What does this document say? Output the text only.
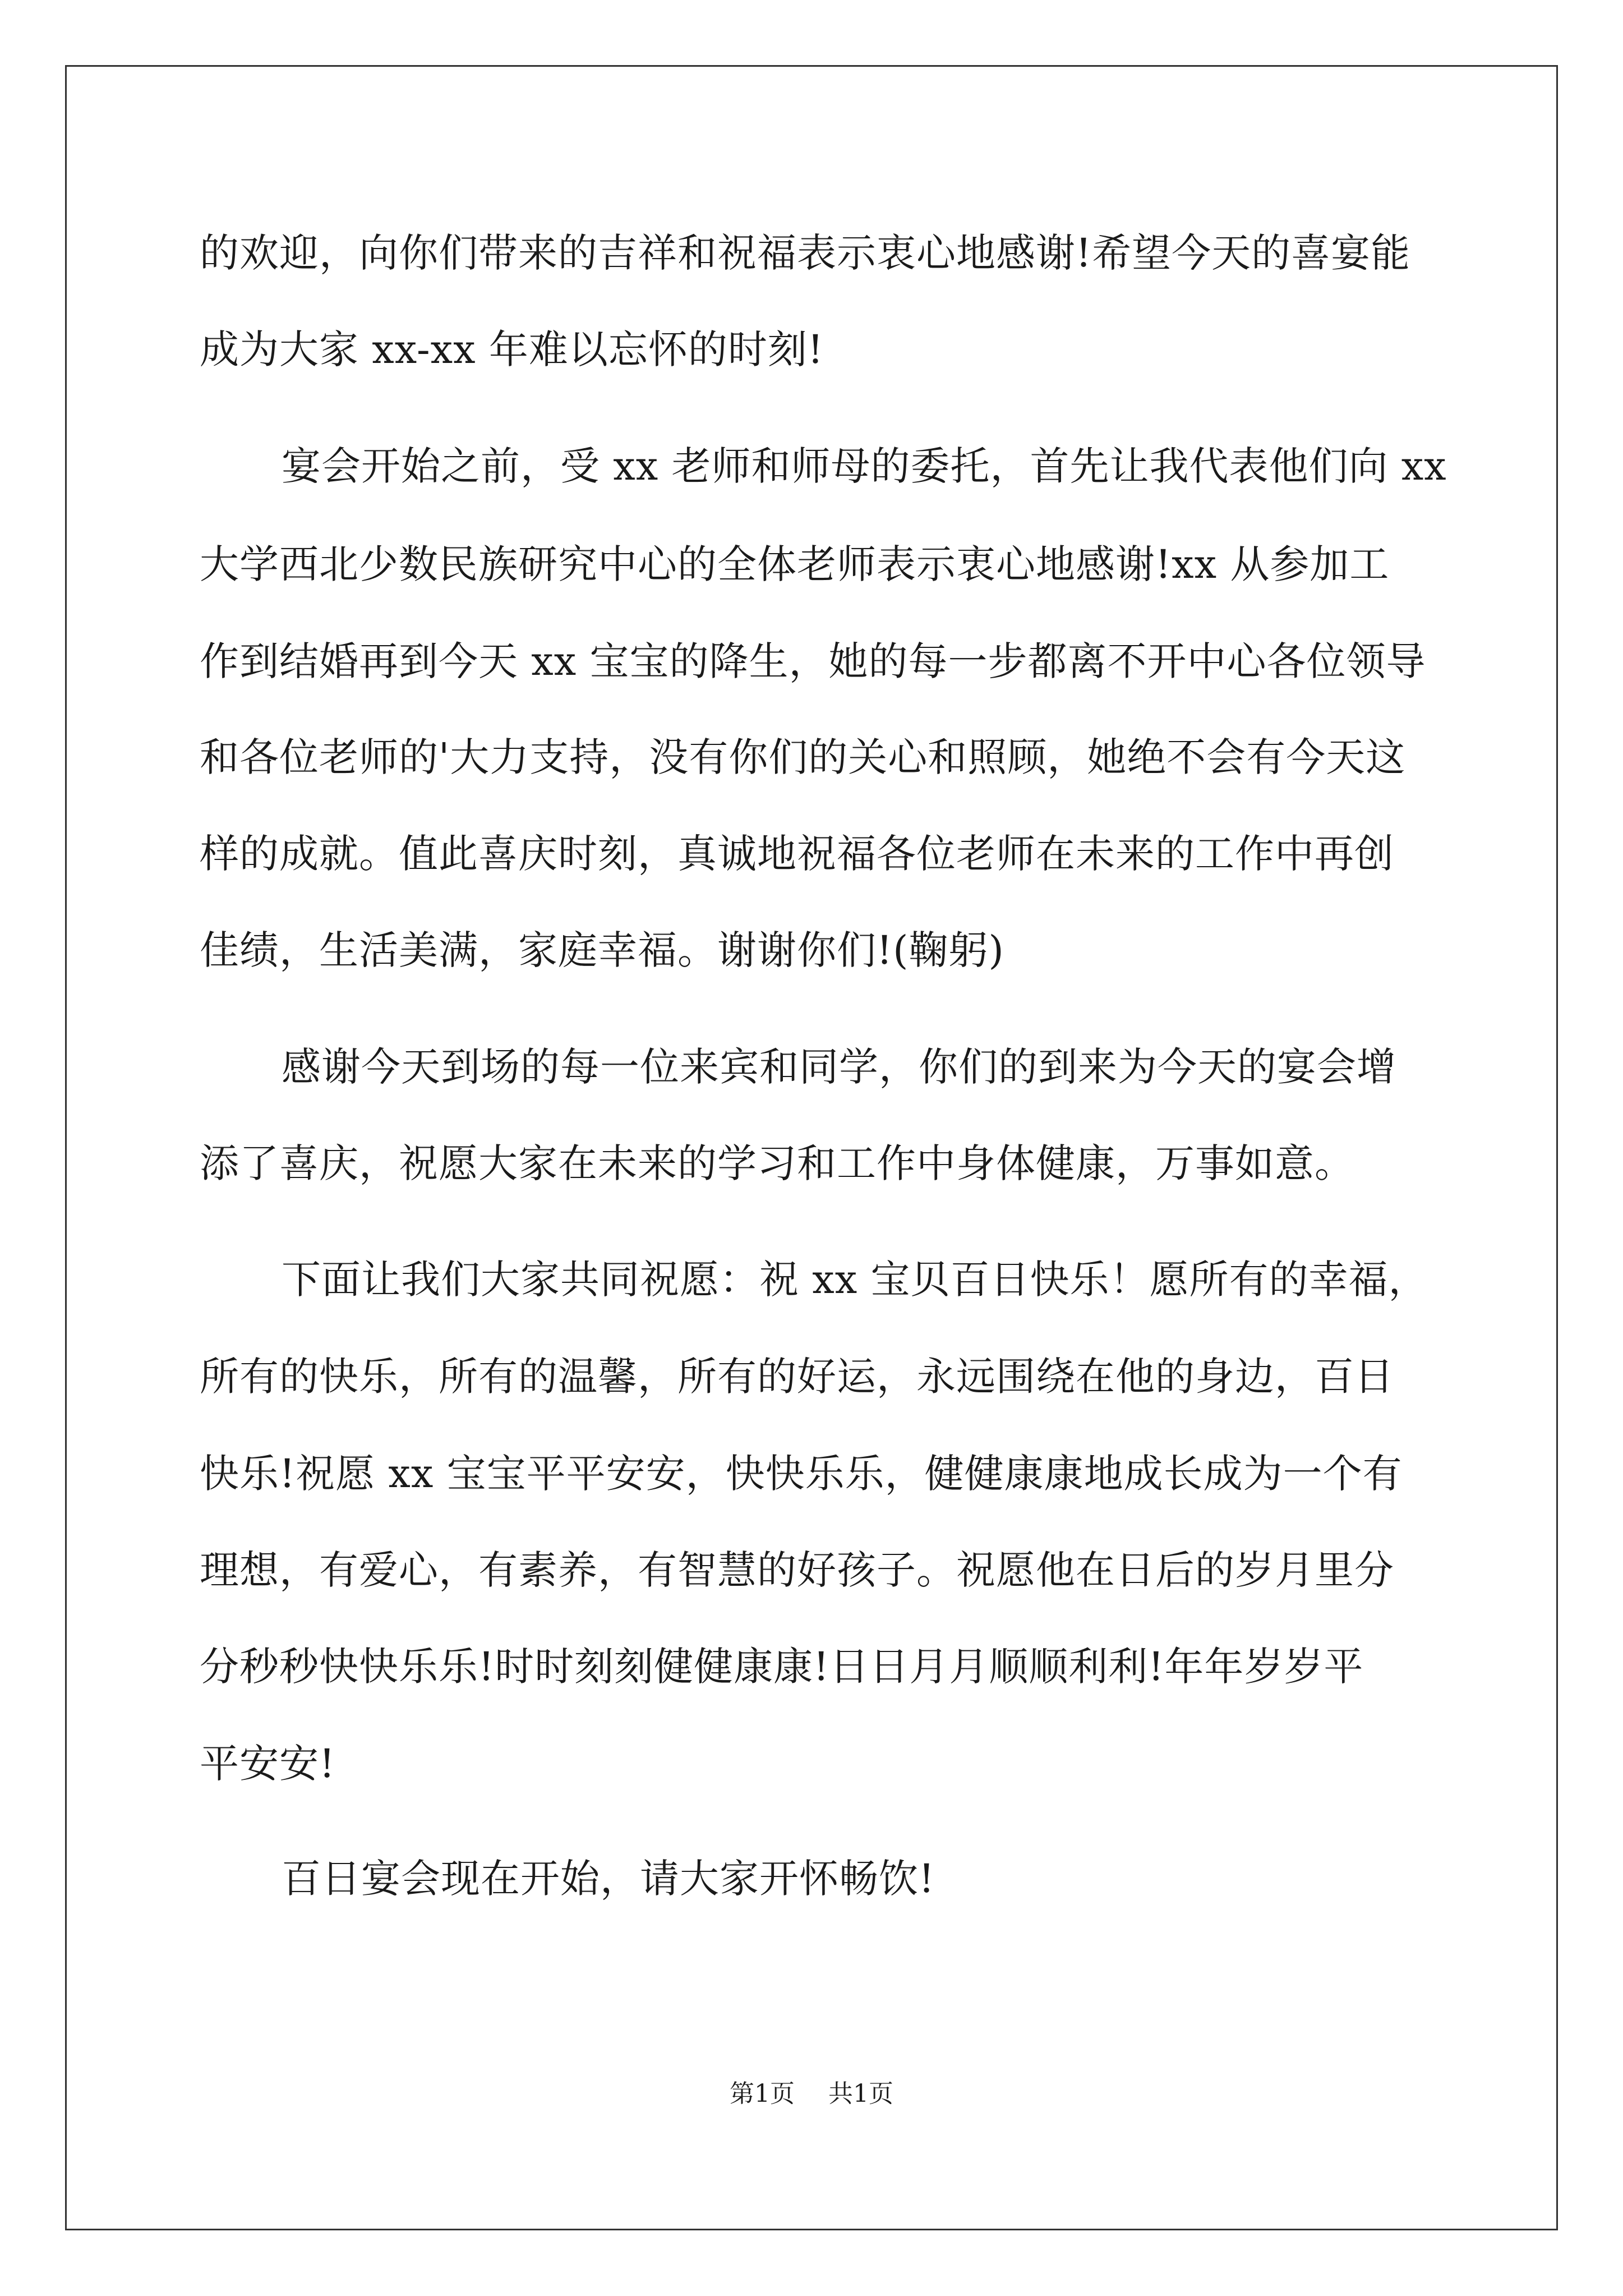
的欢迎，向你们带来的吉祥和祝福表示衷心地感谢!希望今天的喜宴能
成为大家 xx-xx 年难以忘怀的时刻!
宴会开始之前，受 xx 老师和师母的委托，首先让我代表他们向 xx
大学西北少数民族研究中心的全体老师表示衷心地感谢!xx 从参加工
作到结婚再到今天 xx 宝宝的降生，她的每一步都离不开中心各位领导
和各位老师的'大力支持，没有你们的关心和照顾，她绝不会有今天这
样的成就。值此喜庆时刻，真诚地祝福各位老师在未来的工作中再创
佳绩，生活美满，家庭幸福。谢谢你们!(鞠躬)
感谢今天到场的每一位来宾和同学，你们的到来为今天的宴会增
添了喜庆，祝愿大家在未来的学习和工作中身体健康，万事如意。
下面让我们大家共同祝愿：祝 xx 宝贝百日快乐！愿所有的幸福，
所有的快乐，所有的温馨，所有的好运，永远围绕在他的身边，百日
快乐!祝愿 xx 宝宝平平安安，快快乐乐，健健康康地成长成为一个有
理想，有爱心，有素养，有智慧的好孩子。祝愿他在日后的岁月里分
分秒秒快快乐乐!时时刻刻健健康康!日日月月顺顺利利!年年岁岁平
平安安!
百日宴会现在开始，请大家开怀畅饮!
第1页 共1页
